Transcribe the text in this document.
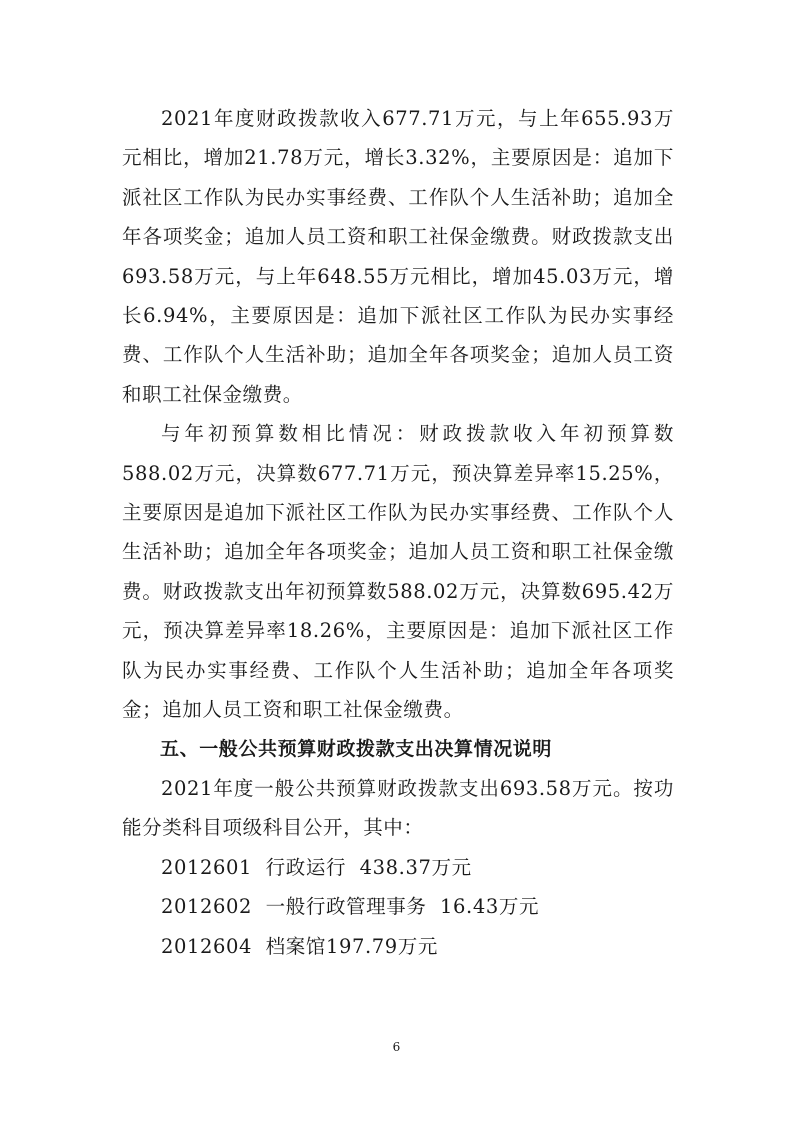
2021年度财政拨款收入677.71万元，与上年655.93万元相比，增加21.78万元，增长3.32%，主要原因是：追加下派社区工作队为民办实事经费、工作队个人生活补助；追加全年各项奖金；追加人员工资和职工社保金缴费。财政拨款支出693.58万元，与上年648.55万元相比，增加45.03万元，增长6.94%，主要原因是：追加下派社区工作队为民办实事经费、工作队个人生活补助；追加全年各项奖金；追加人员工资和职工社保金缴费。

与年初预算数相比情况：财政拨款收入年初预算数588.02万元，决算数677.71万元，预决算差异率15.25%，主要原因是追加下派社区工作队为民办实事经费、工作队个人生活补助；追加全年各项奖金；追加人员工资和职工社保金缴费。财政拨款支出年初预算数588.02万元，决算数695.42万元，预决算差异率18.26%，主要原因是：追加下派社区工作队为民办实事经费、工作队个人生活补助；追加全年各项奖金；追加人员工资和职工社保金缴费。

五、一般公共预算财政拨款支出决算情况说明

2021年度一般公共预算财政拨款支出693.58万元。按功能分类科目项级科目公开，其中：

2012601  行政运行  438.37万元

2012602  一般行政管理事务  16.43万元

2012604  档案馆197.79万元

6
